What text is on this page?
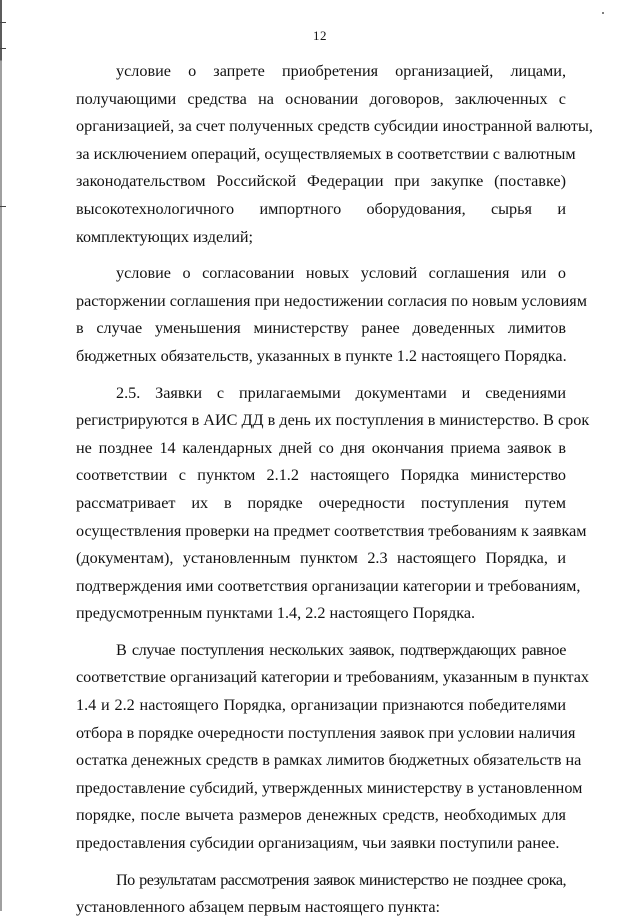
12
условие о запрете приобретения организацией, лицами,
получающими средства на основании договоров, заключенных с
организацией, за счет полученных средств субсидии иностранной валюты,
за исключением операций, осуществляемых в соответствии с валютным
законодательством Российской Федерации при закупке (поставке)
высокотехнологичного импортного оборудования, сырья и
комплектующих изделий;
условие о согласовании новых условий соглашения или о
расторжении соглашения при недостижении согласия по новым условиям
в случае уменьшения министерству ранее доведенных лимитов
бюджетных обязательств, указанных в пункте 1.2 настоящего Порядка.
2.5. Заявки с прилагаемыми документами и сведениями
регистрируются в АИС ДД в день их поступления в министерство. В срок
не позднее 14 календарных дней со дня окончания приема заявок в
соответствии с пунктом 2.1.2 настоящего Порядка министерство
рассматривает их в порядке очередности поступления путем
осуществления проверки на предмет соответствия требованиям к заявкам
(документам), установленным пунктом 2.3 настоящего Порядка, и
подтверждения ими соответствия организации категории и требованиям,
предусмотренным пунктами 1.4, 2.2 настоящего Порядка.
В случае поступления нескольких заявок, подтверждающих равное
соответствие организаций категории и требованиям, указанным в пунктах
1.4 и 2.2 настоящего Порядка, организации признаются победителями
отбора в порядке очередности поступления заявок при условии наличия
остатка денежных средств в рамках лимитов бюджетных обязательств на
предоставление субсидий, утвержденных министерству в установленном
порядке, после вычета размеров денежных средств, необходимых для
предоставления субсидии организациям, чьи заявки поступили ранее.
По результатам рассмотрения заявок министерство не позднее срока,
установленного абзацем первым настоящего пункта:
